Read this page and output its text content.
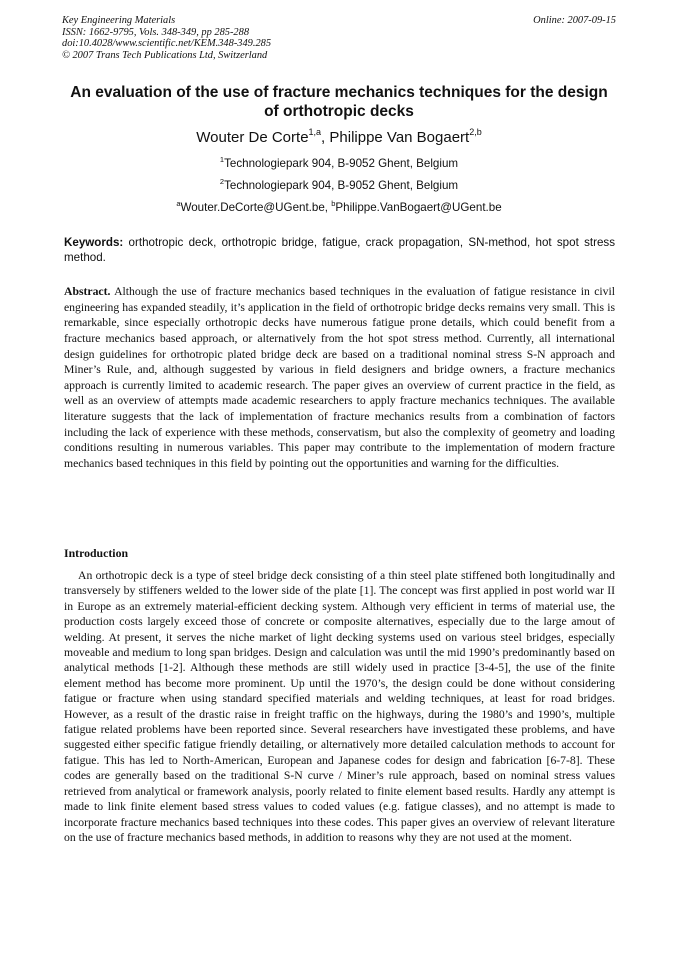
Key Engineering Materials
ISSN: 1662-9795, Vols. 348-349, pp 285-288
doi:10.4028/www.scientific.net/KEM.348-349.285
© 2007 Trans Tech Publications Ltd, Switzerland
Online: 2007-09-15
An evaluation of the use of fracture mechanics techniques for the design of orthotropic decks
Wouter De Corte$^{1,a}$, Philippe Van Bogaert$^{2,b}$
$^1$Technologiepark 904, B-9052 Ghent, Belgium
$^2$Technologiepark 904, B-9052 Ghent, Belgium
$^a$Wouter.DeCorte@UGent.be, $^b$Philippe.VanBogaert@UGent.be
Keywords: orthotropic deck, orthotropic bridge, fatigue, crack propagation, SN-method, hot spot stress method.
Abstract. Although the use of fracture mechanics based techniques in the evaluation of fatigue resistance in civil engineering has expanded steadily, it’s application in the field of orthotropic bridge decks remains very small. This is remarkable, since especially orthotropic decks have numerous fatigue prone details, which could benefit from a fracture mechanics based approach, or alternatively from the hot spot stress method. Currently, all international design guidelines for orthotropic plated bridge deck are based on a traditional nominal stress S-N approach and Miner’s Rule, and, although suggested by various in field designers and bridge owners, a fracture mechanics approach is currently limited to academic research. The paper gives an overview of current practice in the field, as well as an overview of attempts made academic researchers to apply fracture mechanics techniques. The available literature suggests that the lack of implementation of fracture mechanics results from a combination of factors including the lack of experience with these methods, conservatism, but also the complexity of geometry and loading conditions resulting in numerous variables. This paper may contribute to the implementation of modern fracture mechanics based techniques in this field by pointing out the opportunities and warning for the difficulties.
Introduction
An orthotropic deck is a type of steel bridge deck consisting of a thin steel plate stiffened both longitudinally and transversely by stiffeners welded to the lower side of the plate [1]. The concept was first applied in post world war II in Europe as an extremely material-efficient decking system. Although very efficient in terms of material use, the production costs largely exceed those of concrete or composite alternatives, especially due to the large amout of welding. At present, it serves the niche market of light decking systems used on various steel bridges, especially moveable and medium to long span bridges. Design and calculation was until the mid 1990’s predominantly based on analytical methods [1-2]. Although these methods are still widely used in practice [3-4-5], the use of the finite element method has become more prominent. Up until the 1970’s, the design could be done without considering fatigue or fracture when using standard specified materials and welding techniques, at least for road bridges. However, as a result of the drastic raise in freight traffic on the highways, during the 1980’s and 1990’s, multiple fatigue related problems have been reported since. Several researchers have investigated these problems, and have suggested either specific fatigue friendly detailing, or alternatively more detailed calculation methods to account for fatigue. This has led to North-American, European and Japanese codes for design and fabrication [6-7-8]. These codes are generally based on the traditional S-N curve / Miner’s rule approach, based on nominal stress values retrieved from analytical or framework analysis, poorly related to finite element based results. Hardly any attempt is made to link finite element based stress values to coded values (e.g. fatigue classes), and no attempt is made to incorporate fracture mechanics based techniques into these codes. This paper gives an overview of relevant literature on the use of fracture mechanics based methods, in addition to reasons why they are not used at the moment.
